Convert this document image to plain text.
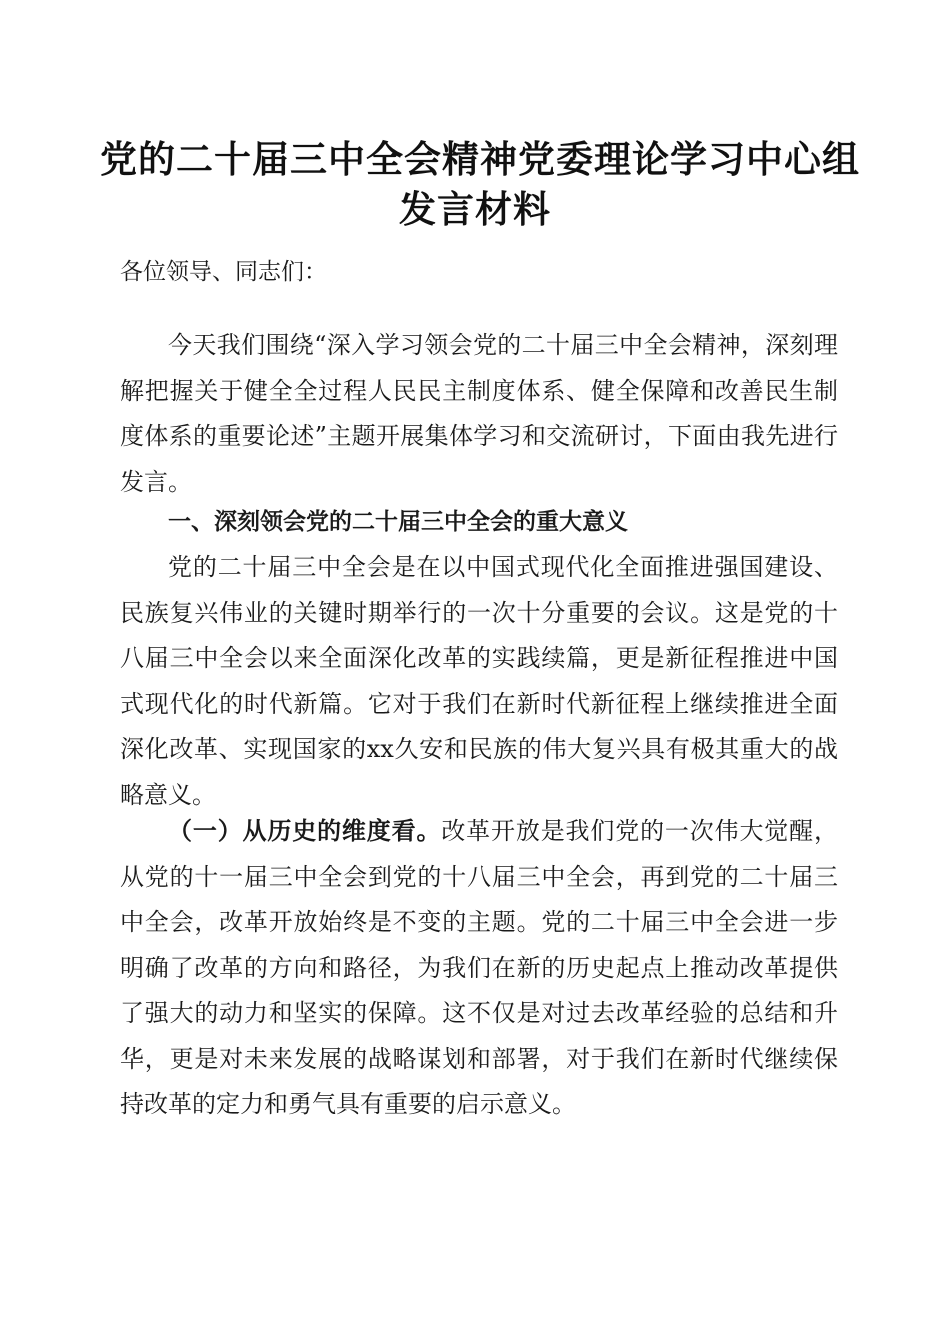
党的二十届三中全会精神党委理论学习中心组
发言材料
各位领导、同志们：
今天我们围绕“深入学习领会党的二十届三中全会精神，深刻理解把握关于健全全过程人民民主制度体系、健全保障和改善民生制度体系的重要论述”主题开展集体学习和交流研讨，下面由我先进行发言。
一、深刻领会党的二十届三中全会的重大意义
党的二十届三中全会是在以中国式现代化全面推进强国建设、民族复兴伟业的关键时期举行的一次十分重要的会议。这是党的十八届三中全会以来全面深化改革的实践续篇，更是新征程推进中国式现代化的时代新篇。它对于我们在新时代新征程上继续推进全面深化改革、实现国家的xx久安和民族的伟大复兴具有极其重大的战略意义。
（一）从历史的维度看。改革开放是我们党的一次伟大觉醒，从党的十一届三中全会到党的十八届三中全会，再到党的二十届三中全会，改革开放始终是不变的主题。党的二十届三中全会进一步明确了改革的方向和路径，为我们在新的历史起点上推动改革提供了强大的动力和坚实的保障。这不仅是对过去改革经验的总结和升华，更是对未来发展的战略谋划和部署，对于我们在新时代继续保持改革的定力和勇气具有重要的启示意义。
